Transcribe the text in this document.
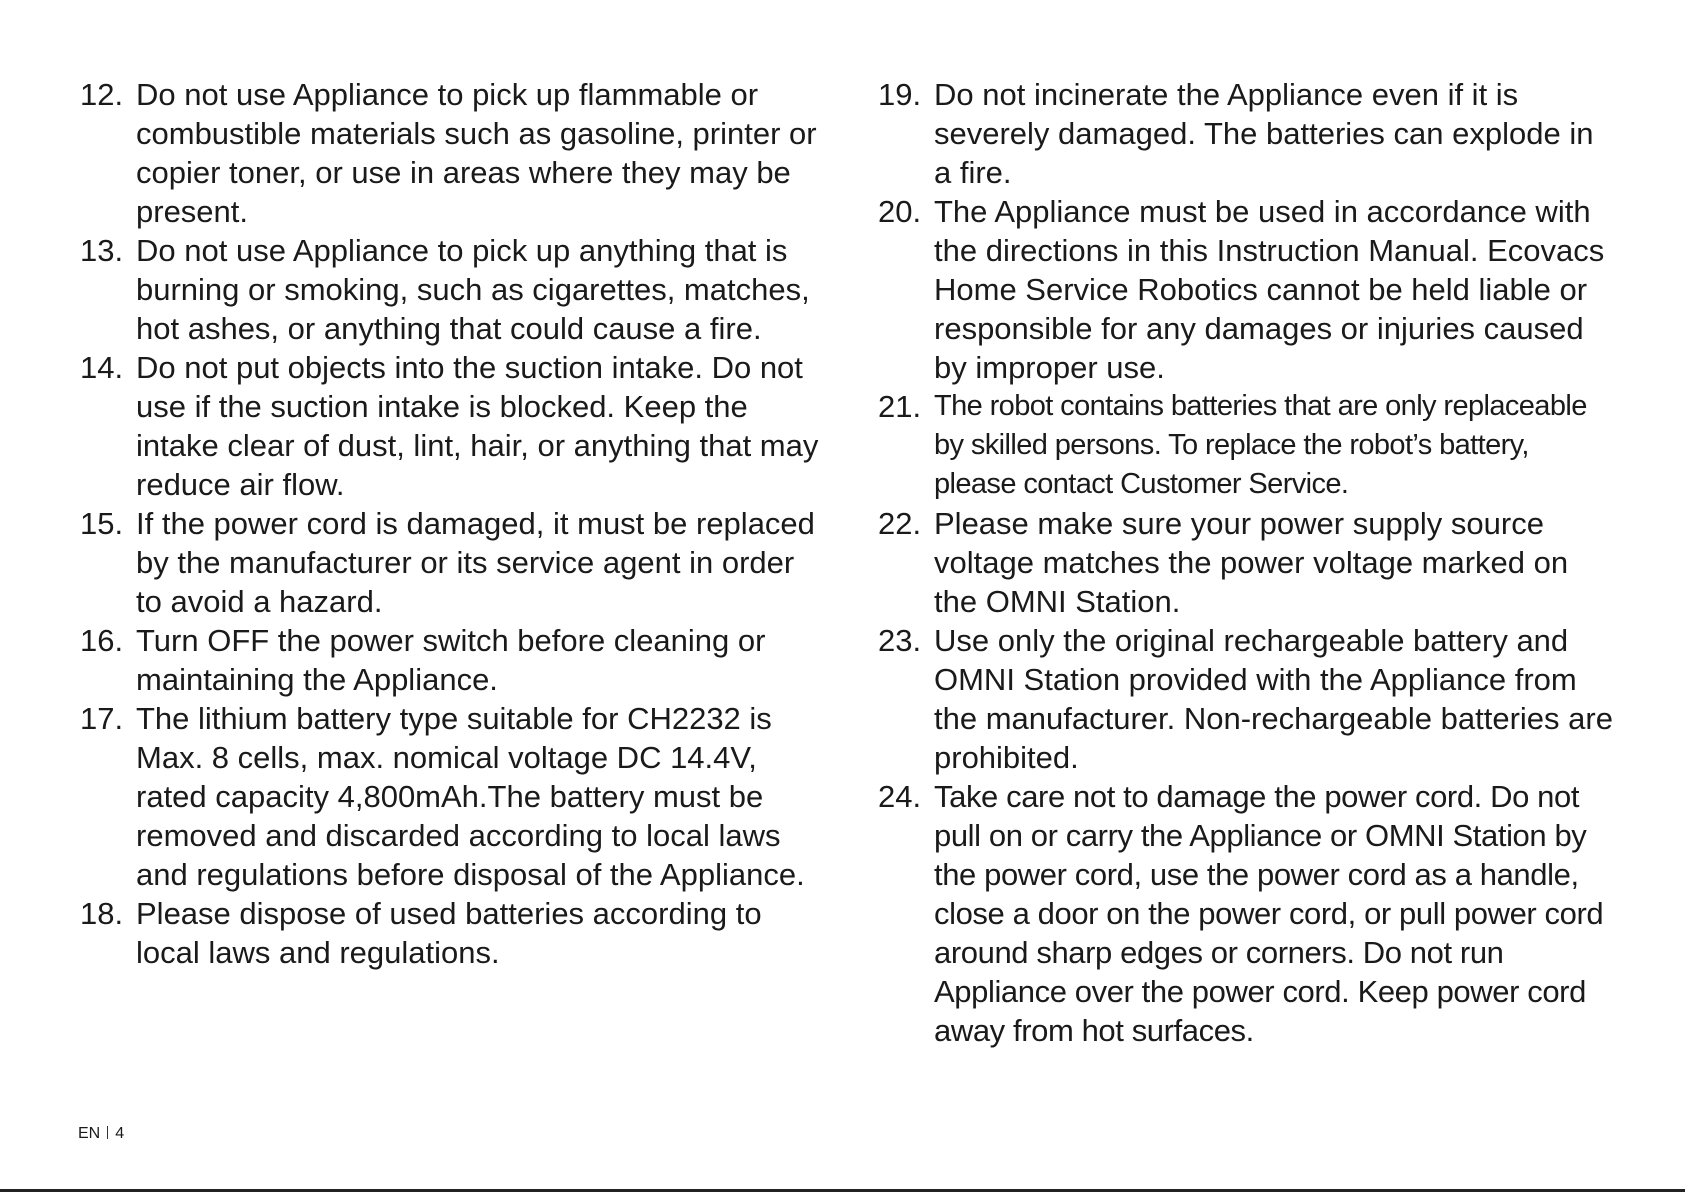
12. Do not use Appliance to pick up flammable or combustible materials such as gasoline, printer or copier toner, or use in areas where they may be present.
13. Do not use Appliance to pick up anything that is burning or smoking, such as cigarettes, matches, hot ashes, or anything that could cause a fire.
14. Do not put objects into the suction intake. Do not use if the suction intake is blocked. Keep the intake clear of dust, lint, hair, or anything that may reduce air flow.
15. If the power cord is damaged, it must be replaced by the manufacturer or its service agent in order to avoid a hazard.
16. Turn OFF the power switch before cleaning or maintaining the Appliance.
17. The lithium battery type suitable for CH2232 is Max. 8 cells, max. nomical voltage DC 14.4V, rated capacity 4,800mAh.The battery must be removed and discarded according to local laws and regulations before disposal of the Appliance.
18. Please dispose of used batteries according to local laws and regulations.
19. Do not incinerate the Appliance even if it is severely damaged. The batteries can explode in a fire.
20. The Appliance must be used in accordance with the directions in this Instruction Manual. Ecovacs Home Service Robotics cannot be held liable or responsible for any damages or injuries caused by improper use.
21. The robot contains batteries that are only replaceable by skilled persons. To replace the robot’s battery, please contact Customer Service.
22. Please make sure your power supply source voltage matches the power voltage marked on the OMNI Station.
23. Use only the original rechargeable battery and OMNI Station provided with the Appliance from the manufacturer. Non-rechargeable batteries are prohibited.
24. Take care not to damage the power cord. Do not pull on or carry the Appliance or OMNI Station by the power cord, use the power cord as a handle, close a door on the power cord, or pull power cord around sharp edges or corners. Do not run Appliance over the power cord. Keep power cord away from hot surfaces.
EN 4
